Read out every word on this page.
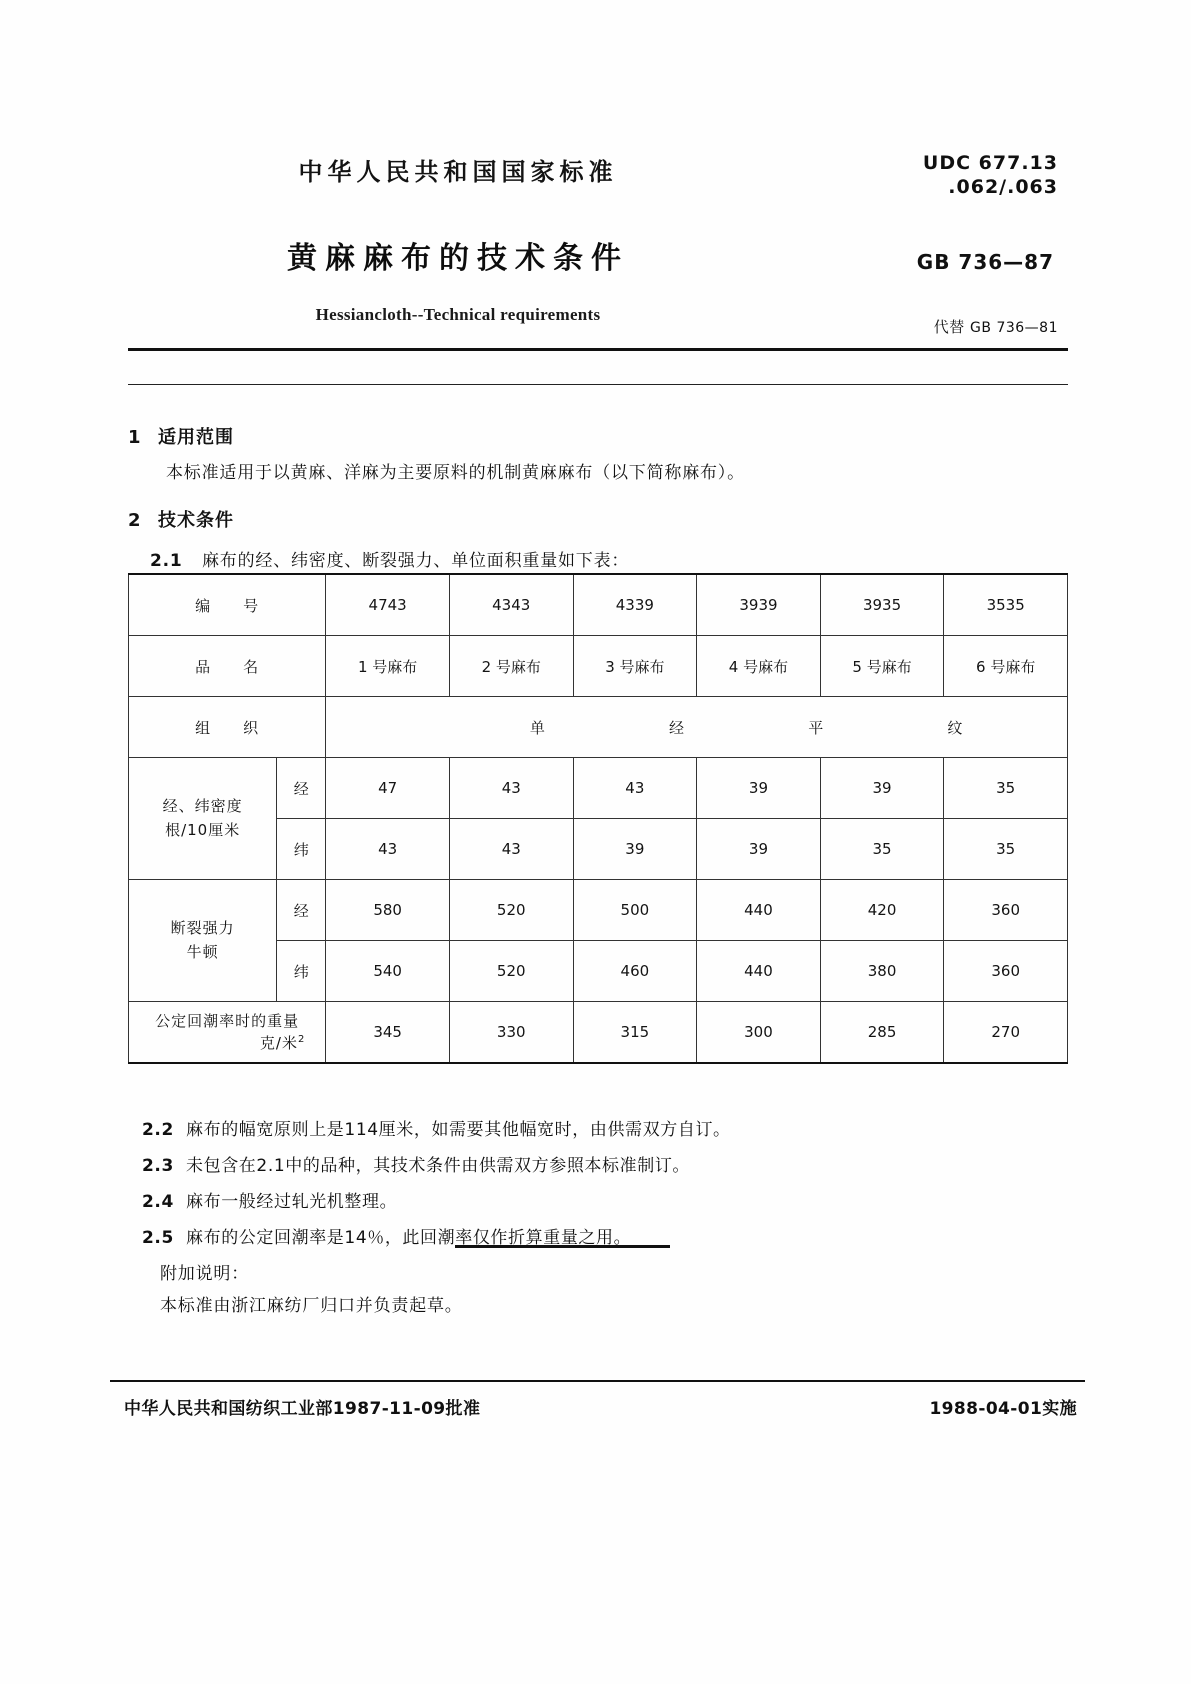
中华人民共和国国家标准
黄麻麻布的技术条件
Hessiancloth--Technical requirements
UDC 677.13
.062/.063
GB 736—87
代替 GB 736—81
1 适用范围
本标准适用于以黄麻、洋麻为主要原料的机制黄麻麻布（以下简称麻布）。
2 技术条件
2.1 麻布的经、纬密度、断裂强力、单位面积重量如下表：
编　　号		4743	4343	4339	3939	3935	3535
品　　名		1 号麻布	2 号麻布	3 号麻布	4 号麻布	5 号麻布	6 号麻布
组　　织		单 经 平 纹					

经、纬密度
根/10厘米	经	47	43	43	39	39	35
	纬	43	43	39	39	35	35
断裂强力
牛顿	经	580	520	500	440	420	360
	纬	540	520	460	440	380	360
公定回潮率时的重量
克/米$^2$		345	330	315	300	285	270
2.2 麻布的幅宽原则上是114厘米，如需要其他幅宽时，由供需双方自订。
2.3 未包含在2.1中的品种，其技术条件由供需双方参照本标准制订。
2.4 麻布一般经过轧光机整理。
2.5 麻布的公定回潮率是14％，此回潮率仅作折算重量之用。
附加说明：
本标准由浙江麻纺厂归口并负责起草。
中华人民共和国纺织工业部1987-11-09批准	1988-04-01实施
